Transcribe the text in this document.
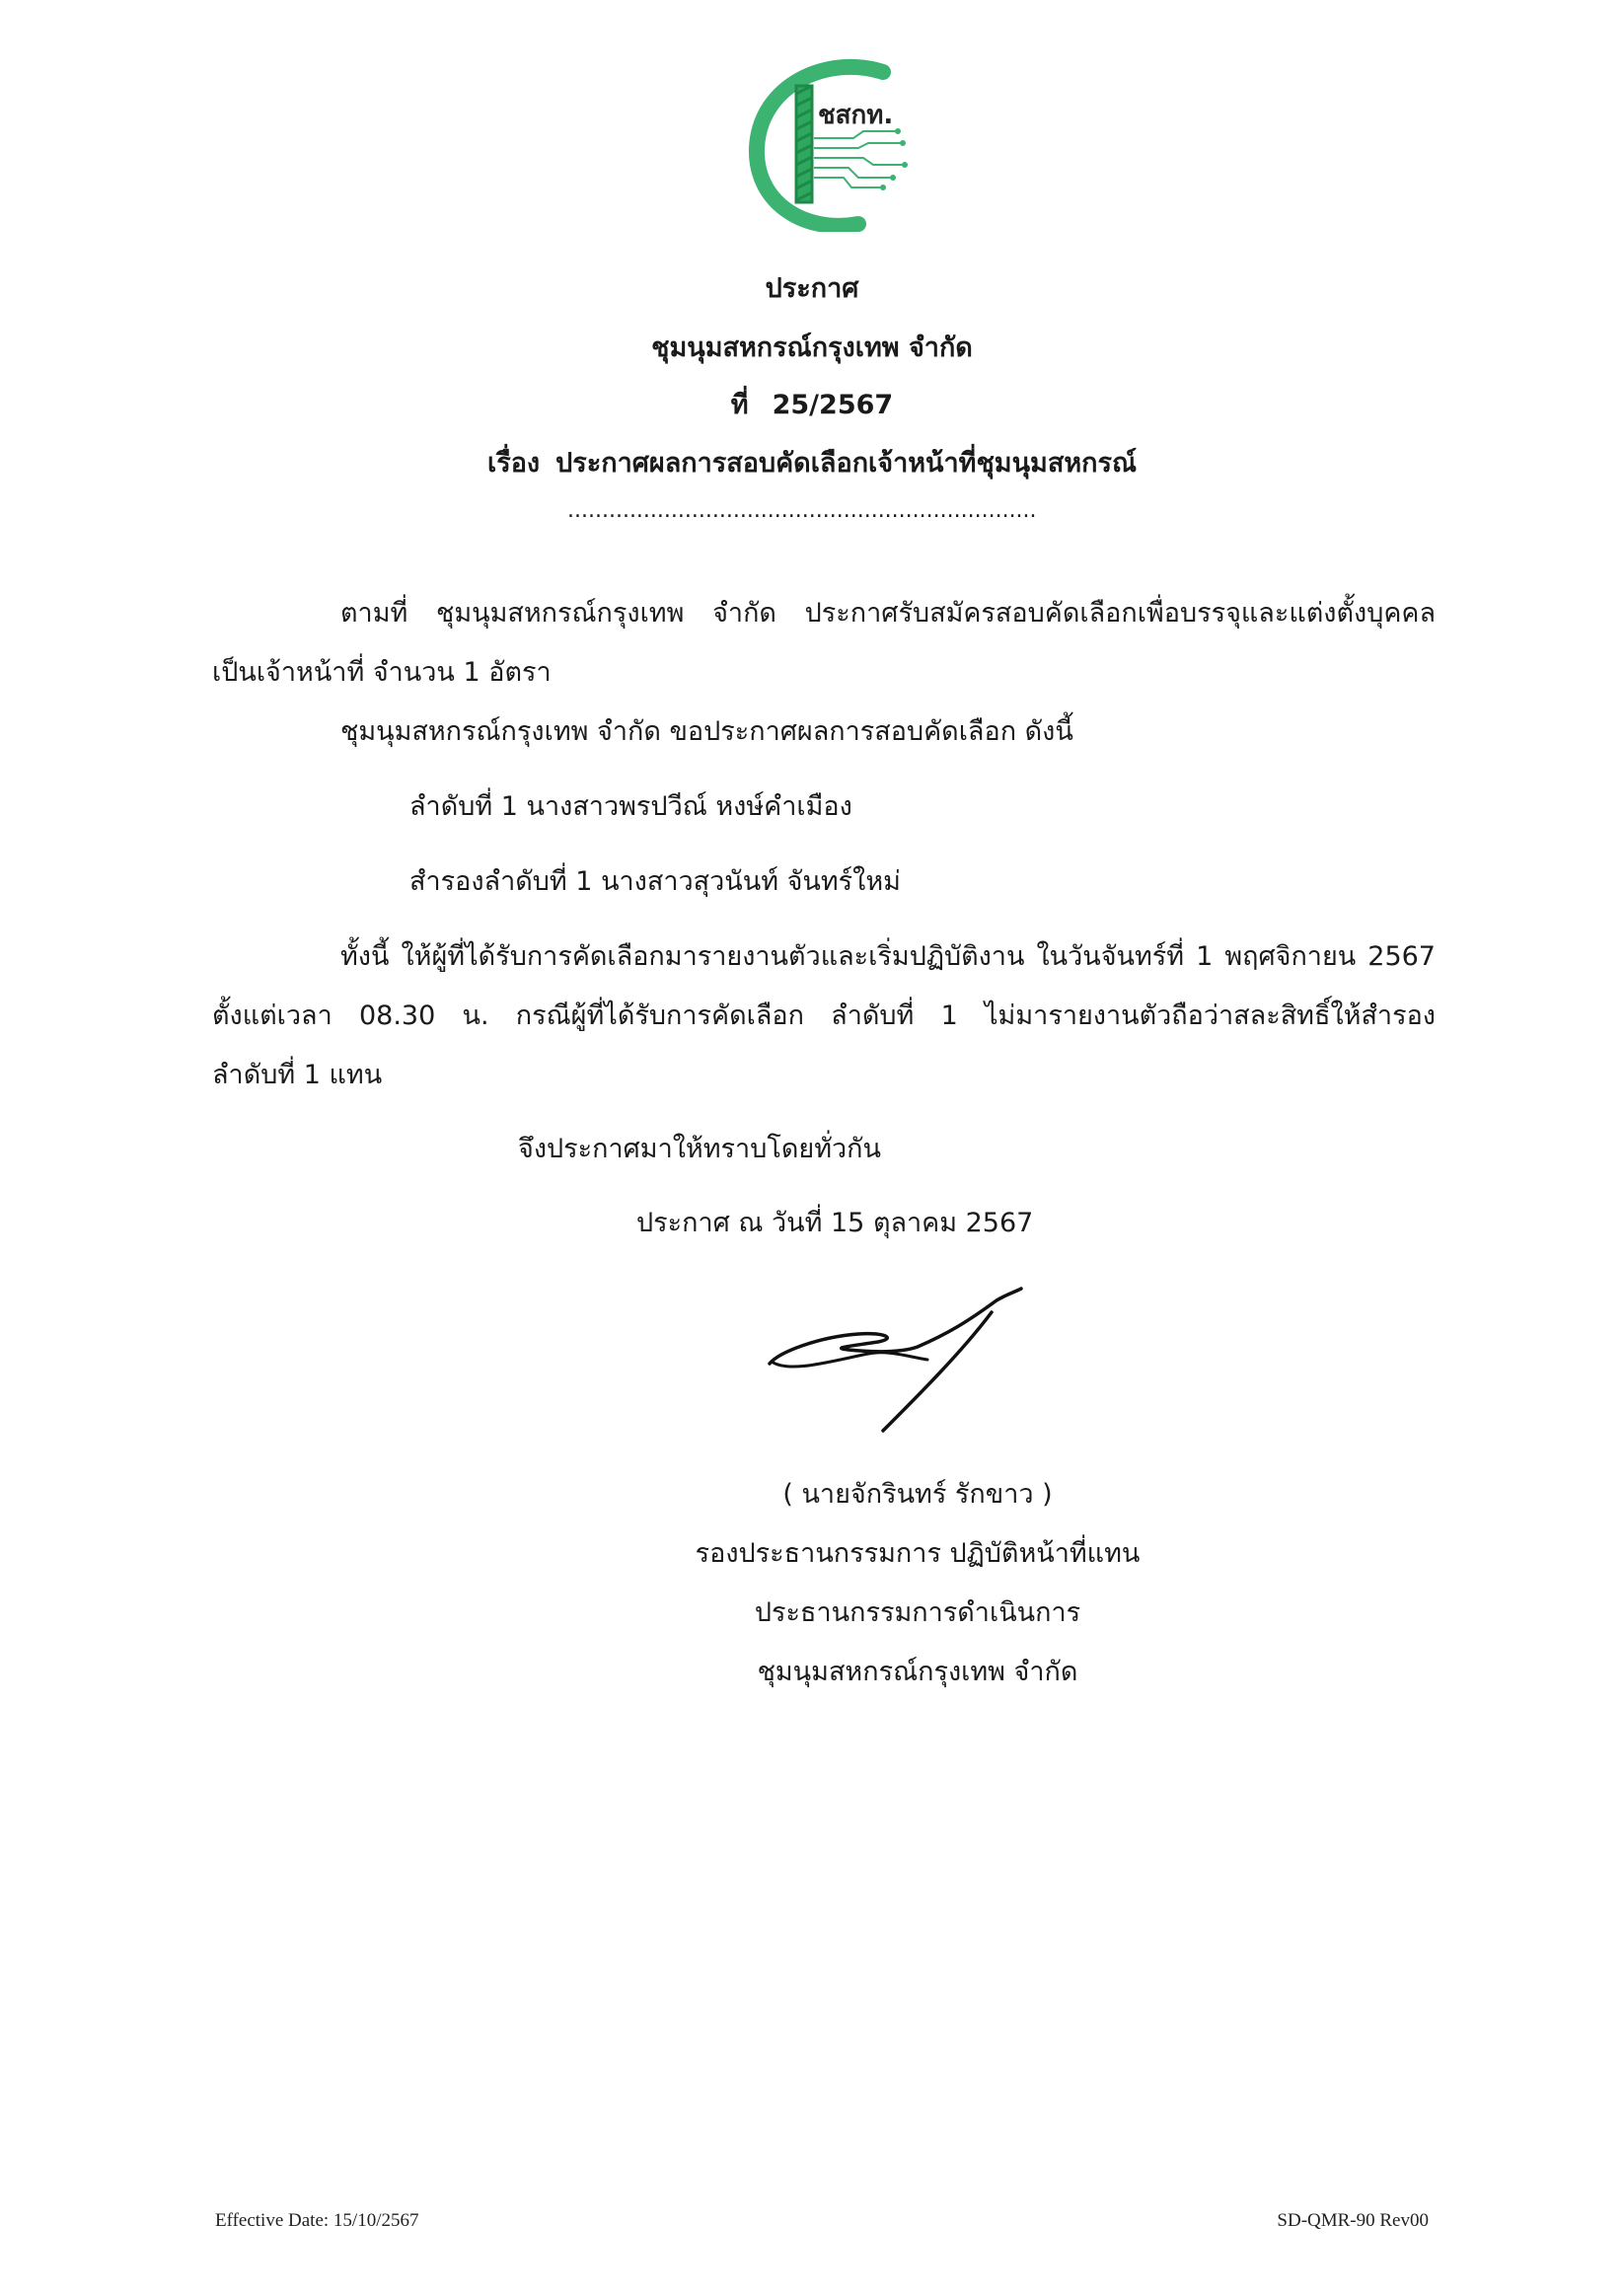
ชสกท.
ประกาศ
ชุมนุมสหกรณ์กรุงเทพ จำกัด
ที่ 25/2567
เรื่อง ประกาศผลการสอบคัดเลือกเจ้าหน้าที่ชุมนุมสหกรณ์
....................................................................
ตามที่ ชุมนุมสหกรณ์กรุงเทพ จำกัด ประกาศรับสมัครสอบคัดเลือกเพื่อบรรจุและแต่งตั้งบุคคล
เป็นเจ้าหน้าที่ จำนวน 1 อัตรา
ชุมนุมสหกรณ์กรุงเทพ จำกัด ขอประกาศผลการสอบคัดเลือก ดังนี้
ลำดับที่ 1 นางสาวพรปวีณ์ หงษ์คำเมือง
สำรองลำดับที่ 1 นางสาวสุวนันท์ จันทร์ใหม่
ทั้งนี้ ให้ผู้ที่ได้รับการคัดเลือกมารายงานตัวและเริ่มปฏิบัติงาน ในวันจันทร์ที่ 1 พฤศจิกายน 2567
ตั้งแต่เวลา 08.30 น. กรณีผู้ที่ได้รับการคัดเลือก ลำดับที่ 1 ไม่มารายงานตัวถือว่าสละสิทธิ์ให้สำรอง
ลำดับที่ 1 แทน
จึงประกาศมาให้ทราบโดยทั่วกัน
ประกาศ ณ วันที่ 15 ตุลาคม 2567
( นายจักรินทร์ รักขาว )
รองประธานกรรมการ ปฏิบัติหน้าที่แทน
ประธานกรรมการดำเนินการ
ชุมนุมสหกรณ์กรุงเทพ จำกัด
Effective Date: 15/10/2567	SD-QMR-90 Rev00
